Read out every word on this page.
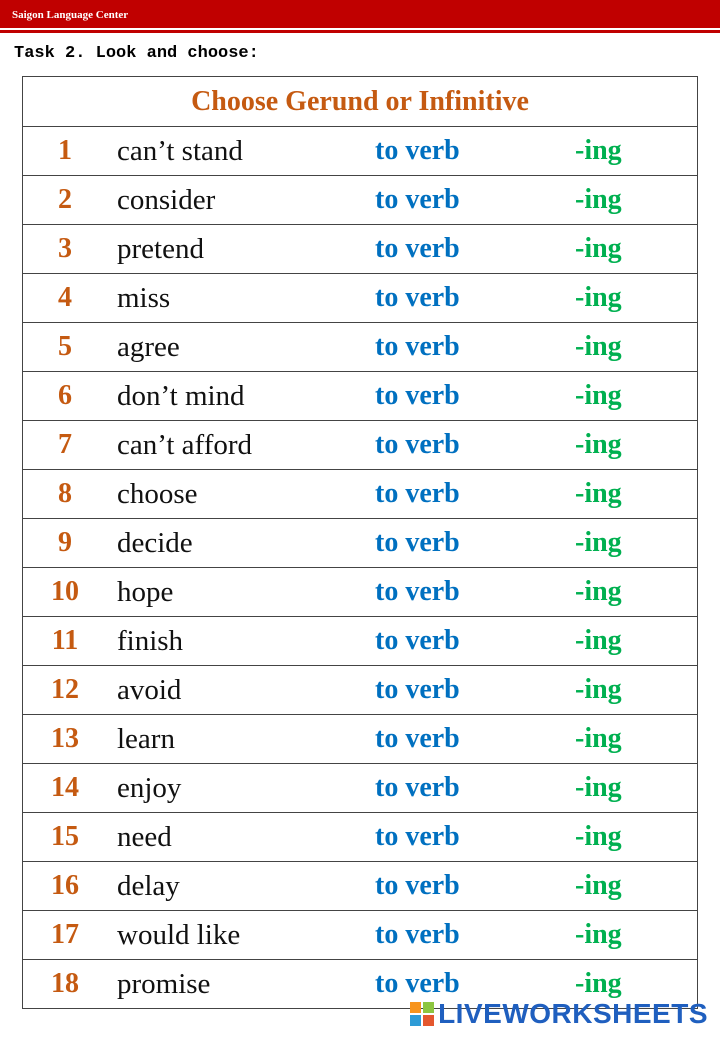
Saigon Language Center
Task 2. Look and choose:
Choose Gerund or Infinitive			
1	can’t stand	to verb	-ing
2	consider	to verb	-ing
3	pretend	to verb	-ing
4	miss	to verb	-ing
5	agree	to verb	-ing
6	don’t mind	to verb	-ing
7	can’t afford	to verb	-ing
8	choose	to verb	-ing
9	decide	to verb	-ing
10	hope	to verb	-ing
11	finish	to verb	-ing
12	avoid	to verb	-ing
13	learn	to verb	-ing
14	enjoy	to verb	-ing
15	need	to verb	-ing
16	delay	to verb	-ing
17	would like	to verb	-ing
18	promise	to verb	-ing
LIVEWORKSHEETS
